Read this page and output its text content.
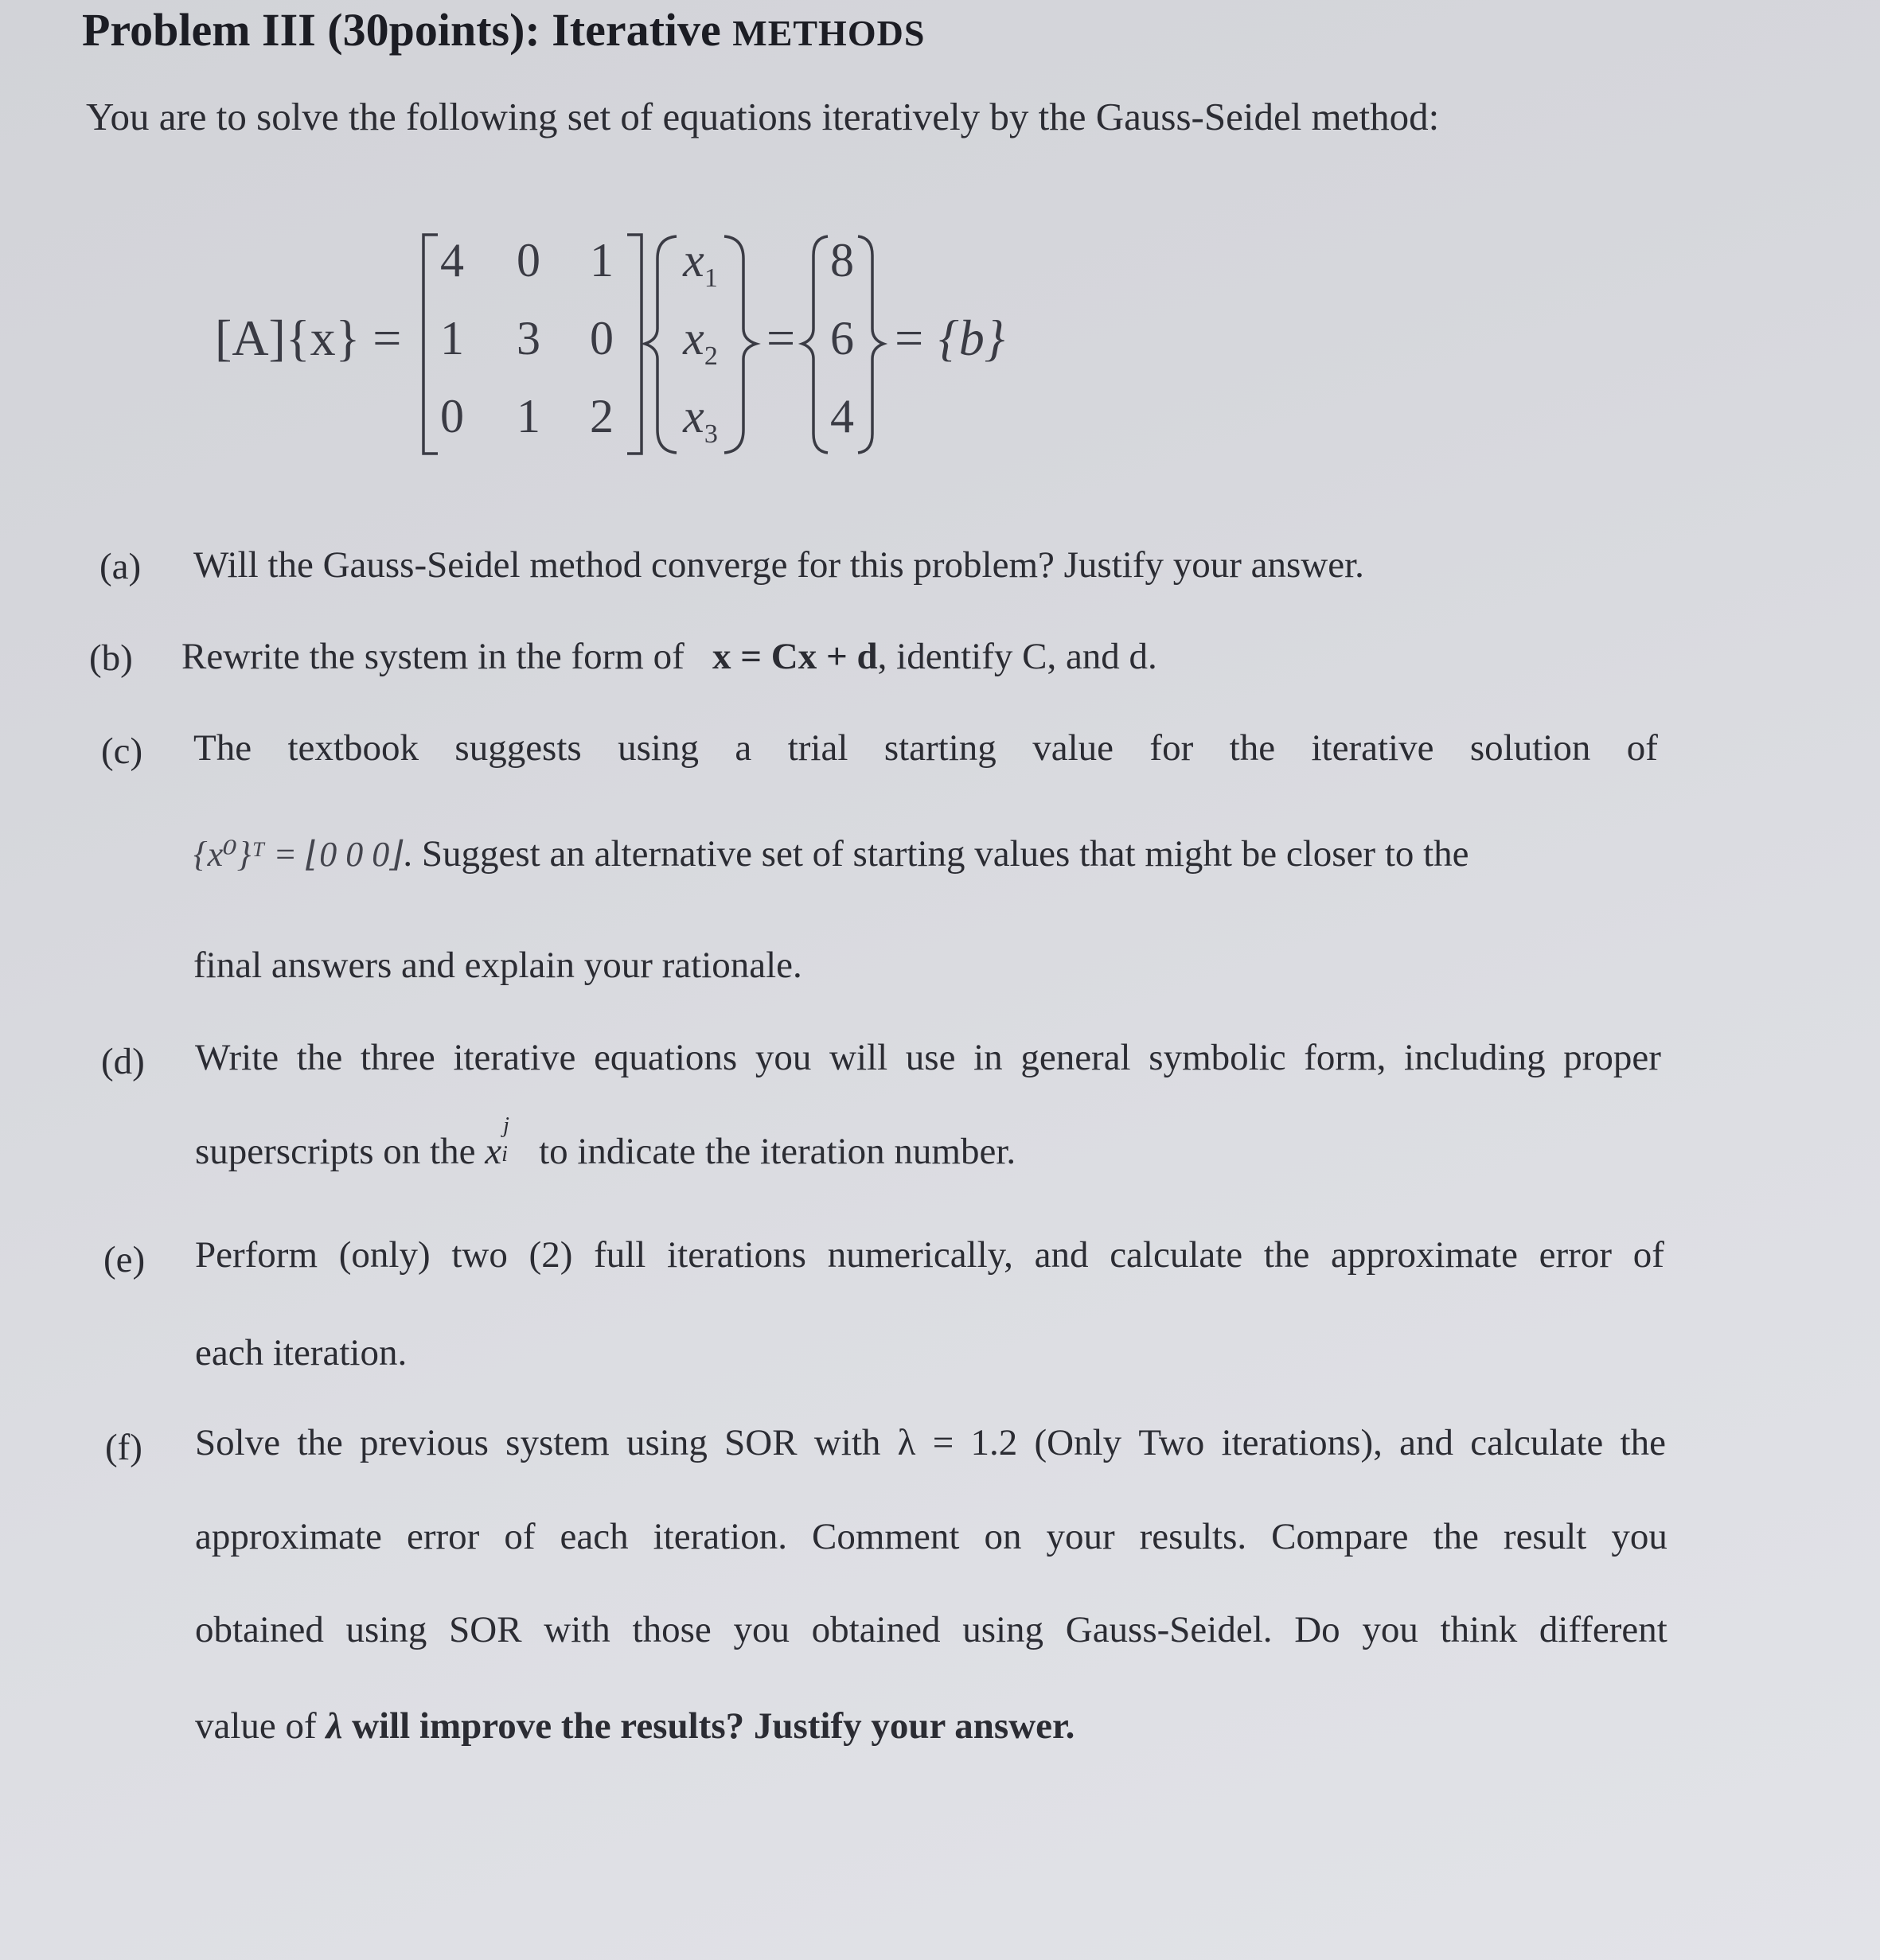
Problem III (30points): Iterative METHODS
You are to solve the following set of equations iteratively by the Gauss-Seidel method:
[A]{x} =
4 0 1
1 3 0
0 1 2
$x_1$
$x_2$
$x_3$
=
8
6
4
= {b}
(a) Will the Gauss-Seidel method converge for this problem? Justify your answer.
(b) Rewrite the system in the form of x = Cx + d, identify C, and d.
(c) The textbook suggests using a trial starting value for the iterative solution of
{x⁰}ᵀ = ⌊0 0 0⌋. Suggest an alternative set of starting values that might be closer to the
final answers and explain your rationale.
(d) Write the three iterative equations you will use in general symbolic form, including proper
superscripts on the x
j
i to indicate the iteration number.
(e) Perform (only) two (2) full iterations numerically, and calculate the approximate error of
each iteration.
(f) Solve the previous system using SOR with λ = 1.2 (Only Two iterations), and calculate the
approximate error of each iteration. Comment on your results. Compare the result you
obtained using SOR with those you obtained using Gauss-Seidel. Do you think different
value of λ will improve the results? Justify your answer.
